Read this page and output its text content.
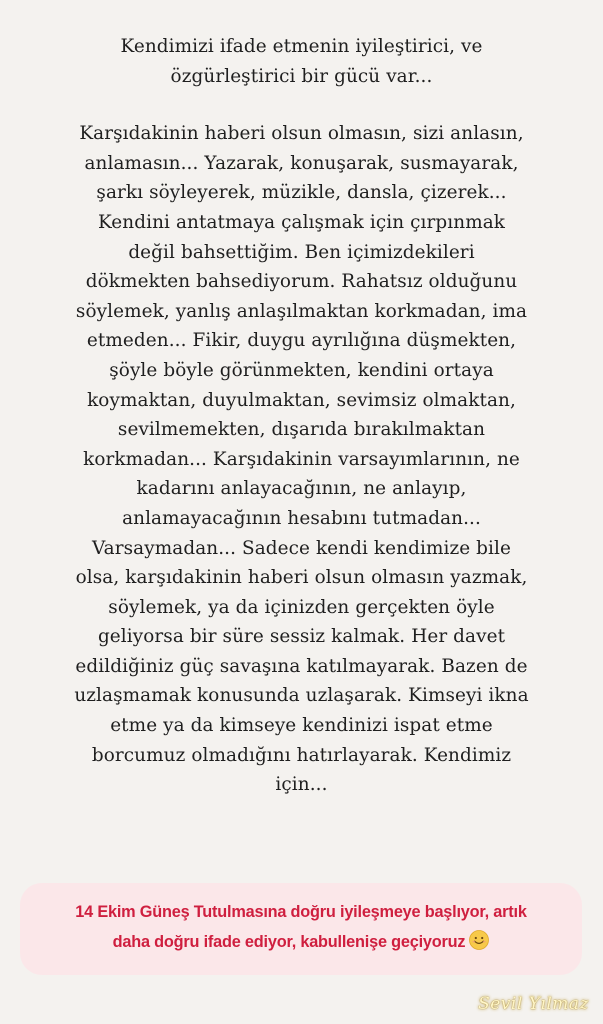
Kendimizi ifade etmenin iyileştirici, ve
özgürleştirici bir gücü var...

Karşıdakinin haberi olsun olmasın, sizi anlasın,
anlamasın... Yazarak, konuşarak, susmayarak,
şarkı söyleyerek, müzikle, dansla, çizerek...
Kendini antatmaya çalışmak için çırpınmak
değil bahsettiğim. Ben içimizdekileri
dökmekten bahsediyorum. Rahatsız olduğunu
söylemek, yanlış anlaşılmaktan korkmadan, ima
etmeden... Fikir, duygu ayrılığına düşmekten,
şöyle böyle görünmekten, kendini ortaya
koymaktan, duyulmaktan, sevimsiz olmaktan,
sevilmemekten, dışarıda bırakılmaktan
korkmadan... Karşıdakinin varsayımlarının, ne
kadarını anlayacağının, ne anlayıp,
anlamayacağının hesabını tutmadan...
Varsaymadan... Sadece kendi kendimize bile
olsa, karşıdakinin haberi olsun olmasın yazmak,
söylemek, ya da içinizden gerçekten öyle
geliyorsa bir süre sessiz kalmak. Her davet
edildiğiniz güç savaşına katılmayarak. Bazen de
uzlaşmamak konusunda uzlaşarak. Kimseyi ikna
etme ya da kimseye kendinizi ispat etme
borcumuz olmadığını hatırlayarak. Kendimiz
için...

14 Ekim Güneş Tutulmasına doğru iyileşmeye başlıyor, artık
daha doğru ifade ediyor, kabullenişe geçiyoruz
Sevil Yılmaz
